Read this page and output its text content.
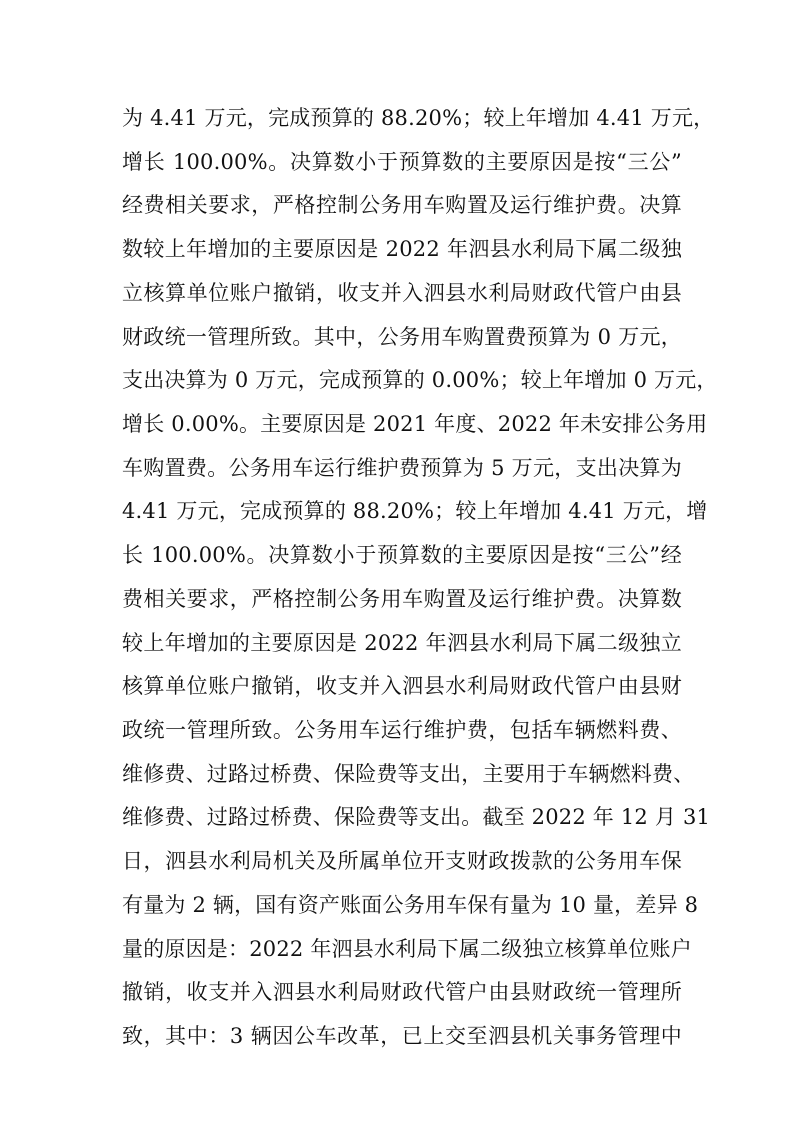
为 4.41 万元，完成预算的 88.20%；较上年增加 4.41 万元，
增长 100.00%。决算数小于预算数的主要原因是按“三公”
经费相关要求，严格控制公务用车购置及运行维护费。决算
数较上年增加的主要原因是 2022 年泗县水利局下属二级独
立核算单位账户撤销，收支并入泗县水利局财政代管户由县
财政统一管理所致。其中，公务用车购置费预算为 0 万元，
支出决算为 0 万元，完成预算的 0.00%；较上年增加 0 万元，
增长 0.00%。主要原因是 2021 年度、2022 年未安排公务用
车购置费。公务用车运行维护费预算为 5 万元，支出决算为
4.41 万元，完成预算的 88.20%；较上年增加 4.41 万元，增
长 100.00%。决算数小于预算数的主要原因是按“三公”经
费相关要求，严格控制公务用车购置及运行维护费。决算数
较上年增加的主要原因是 2022 年泗县水利局下属二级独立
核算单位账户撤销，收支并入泗县水利局财政代管户由县财
政统一管理所致。公务用车运行维护费，包括车辆燃料费、
维修费、过路过桥费、保险费等支出，主要用于车辆燃料费、
维修费、过路过桥费、保险费等支出。截至 2022 年 12 月 31
日，泗县水利局机关及所属单位开支财政拨款的公务用车保
有量为 2 辆，国有资产账面公务用车保有量为 10 量，差异 8
量的原因是：2022 年泗县水利局下属二级独立核算单位账户
撤销，收支并入泗县水利局财政代管户由县财政统一管理所
致，其中：3 辆因公车改革，已上交至泗县机关事务管理中
